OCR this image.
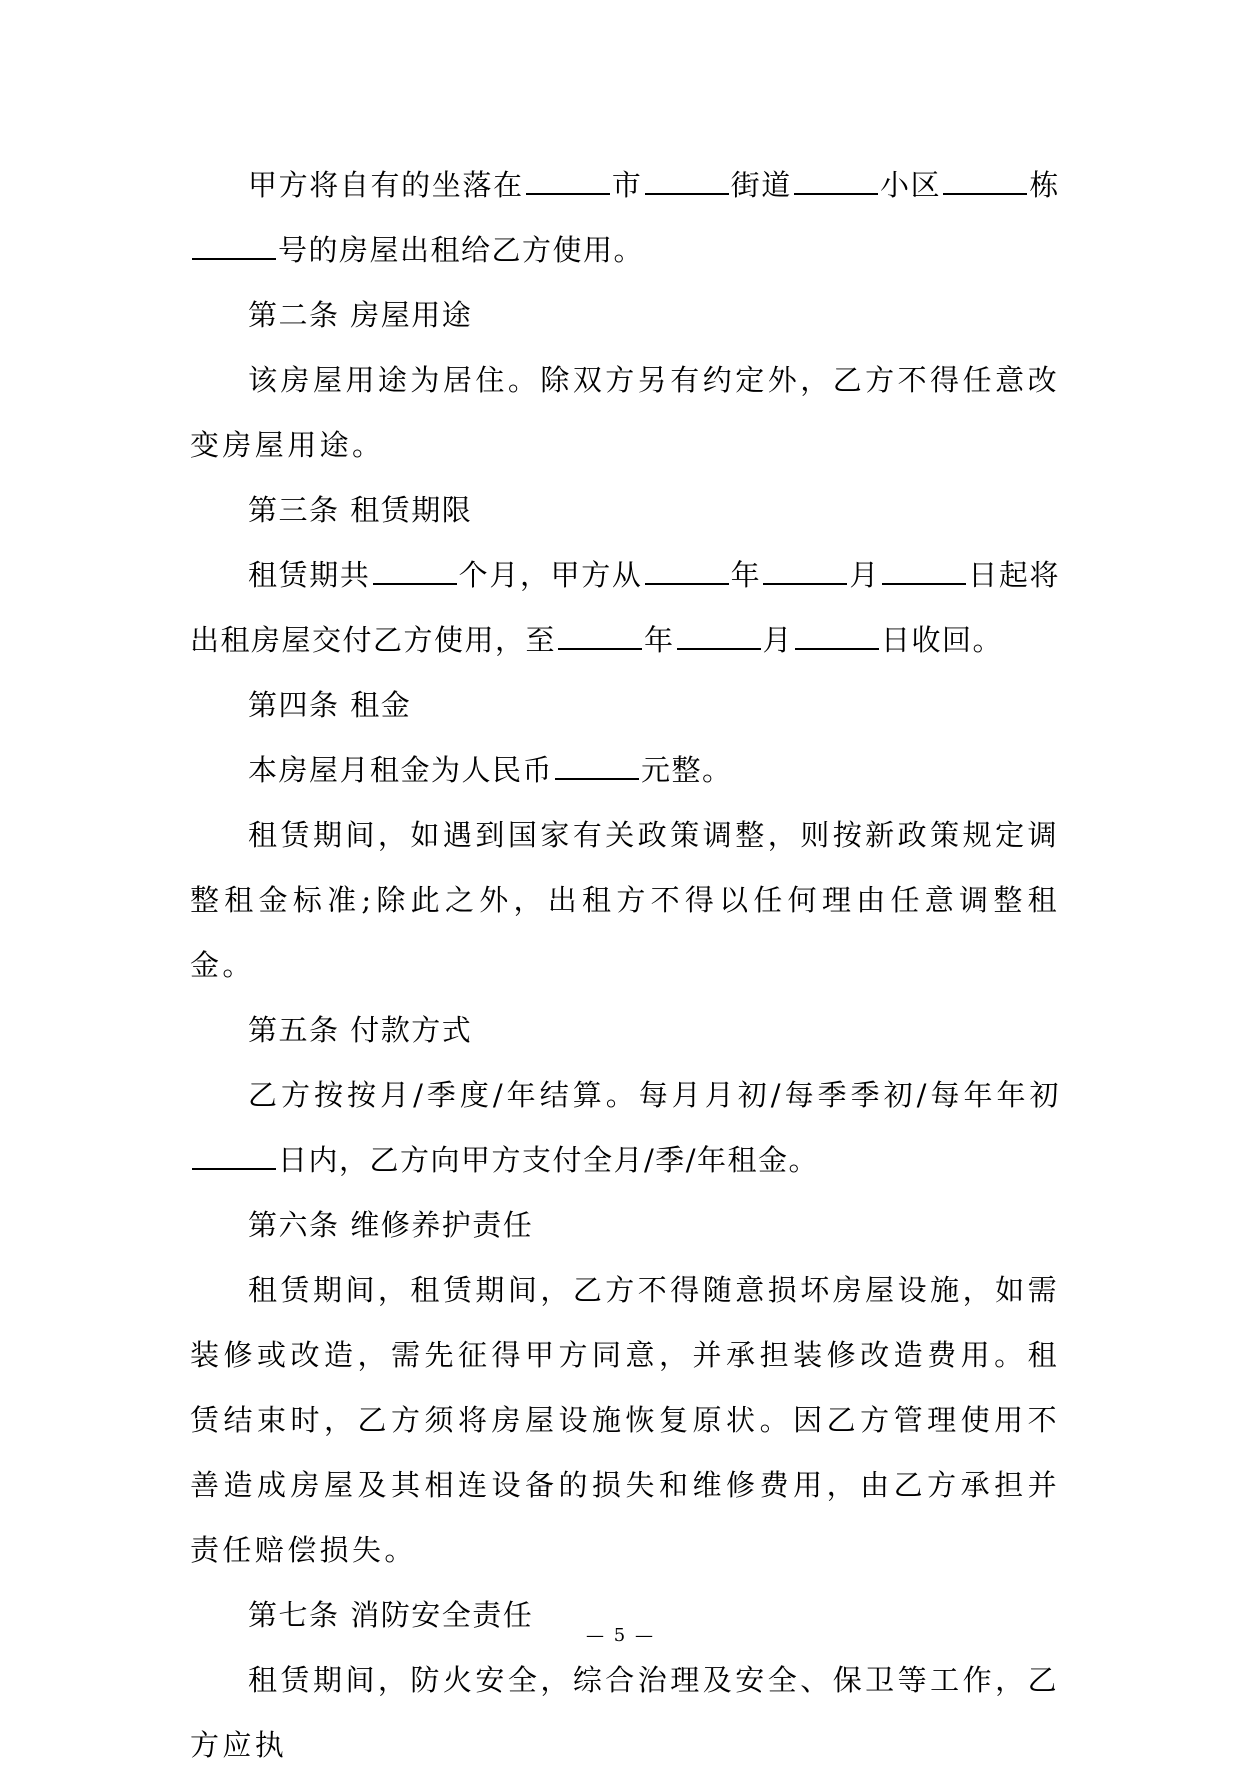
甲方将自有的坐落在	市	街道	小区	栋号的房屋出租给乙方使用。

第二条 房屋用途

该房屋用途为居住。除双方另有约定外，乙方不得任意改变房屋用途。

第三条 租赁期限

租赁期共	个月，甲方从	年	月	日起将出租房屋交付乙方使用，至	年	月	日收回。

第四条 租金

本房屋月租金为人民币	元整。

租赁期间，如遇到国家有关政策调整，则按新政策规定调整租金标准;除此之外，出租方不得以任何理由任意调整租金。

第五条 付款方式

乙方按按月/季度/年结算。每月月初/每季季初/每年年初日内，乙方向甲方支付全月/季/年租金。

第六条 维修养护责任

租赁期间，租赁期间，乙方不得随意损坏房屋设施，如需装修或改造，需先征得甲方同意，并承担装修改造费用。租赁结束时，乙方须将房屋设施恢复原状。因乙方管理使用不善造成房屋及其相连设备的损失和维修费用，由乙方承担并责任赔偿损失。

第七条 消防安全责任

租赁期间，防火安全，综合治理及安全、保卫等工作，乙方应执

— 5 —
